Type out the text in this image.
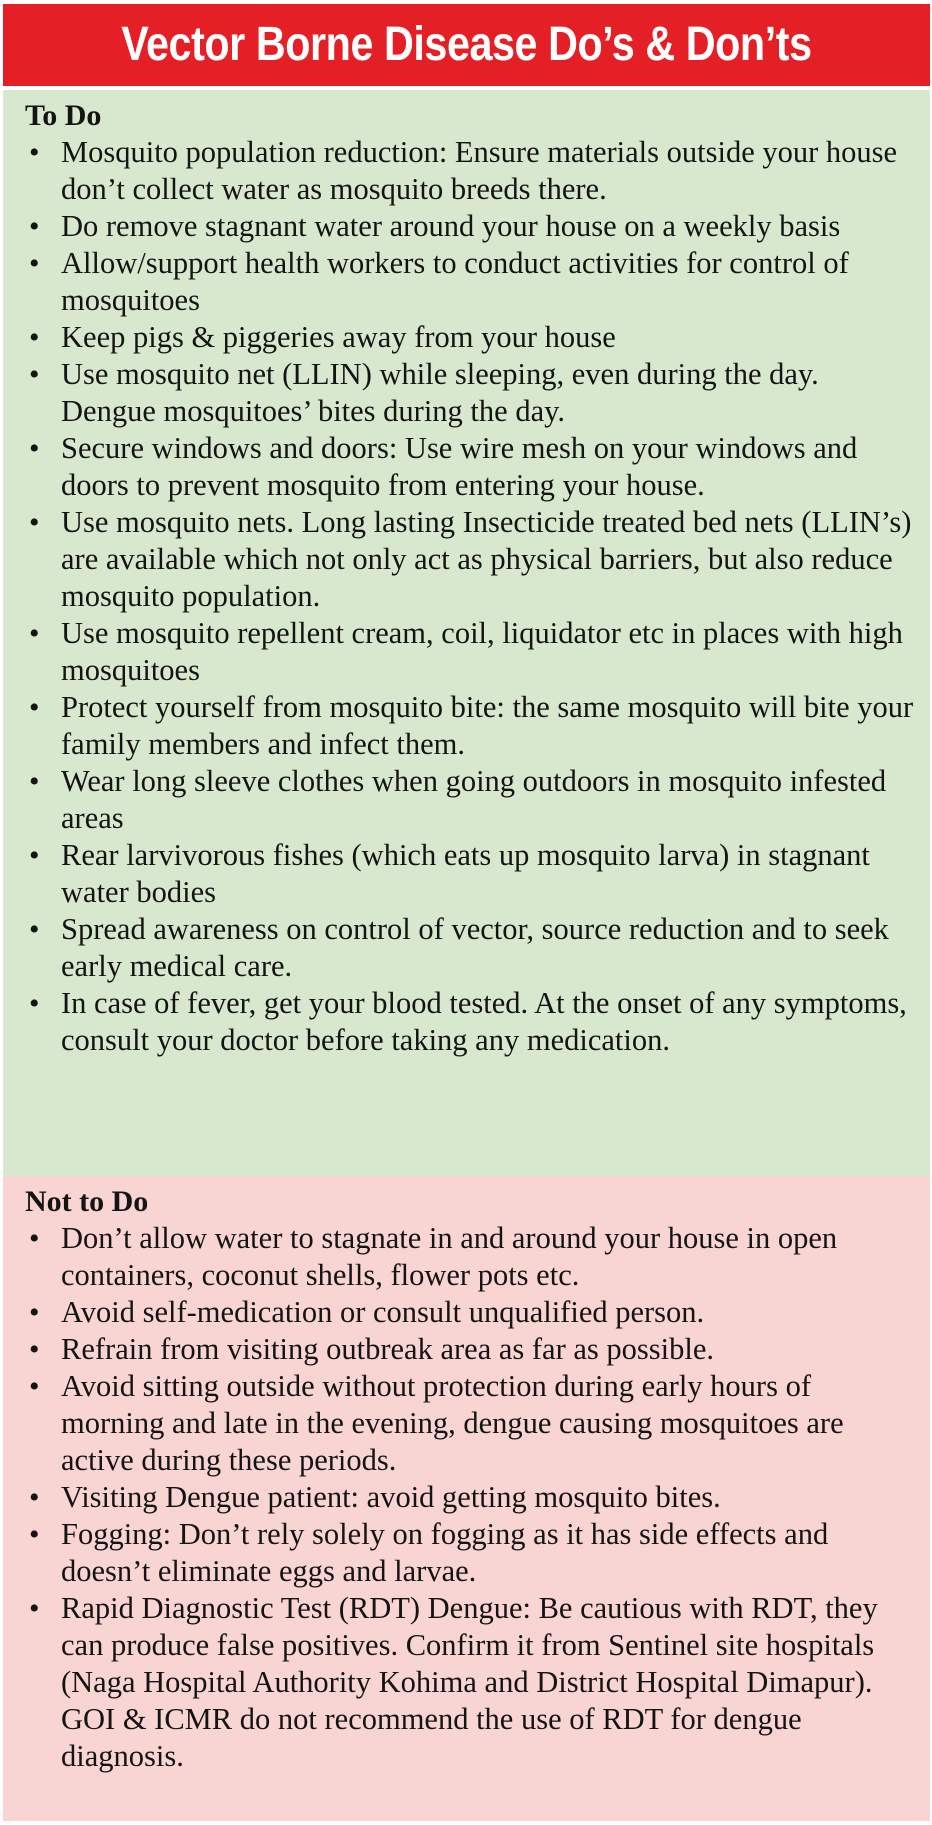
Vector Borne Disease Do’s & Don’ts
To Do
• Mosquito population reduction: Ensure materials outside your house don’t collect water as mosquito breeds there.
• Do remove stagnant water around your house on a weekly basis
• Allow/support health workers to conduct activities for control of mosquitoes
• Keep pigs & piggeries away from your house
• Use mosquito net (LLIN) while sleeping, even during the day. Dengue mosquitoes’ bites during the day.
• Secure windows and doors: Use wire mesh on your windows and doors to prevent mosquito from entering your house.
• Use mosquito nets. Long lasting Insecticide treated bed nets (LLIN’s) are available which not only act as physical barriers, but also reduce mosquito population.
• Use mosquito repellent cream, coil, liquidator etc in places with high mosquitoes
• Protect yourself from mosquito bite: the same mosquito will bite your family members and infect them.
• Wear long sleeve clothes when going outdoors in mosquito infested areas
• Rear larvivorous fishes (which eats up mosquito larva) in stagnant water bodies
• Spread awareness on control of vector, source reduction and to seek early medical care.
• In case of fever, get your blood tested. At the onset of any symptoms, consult your doctor before taking any medication.
Not to Do
• Don’t allow water to stagnate in and around your house in open containers, coconut shells, flower pots etc.
• Avoid self-medication or consult unqualified person.
• Refrain from visiting outbreak area as far as possible.
• Avoid sitting outside without protection during early hours of morning and late in the evening, dengue causing mosquitoes are active during these periods.
• Visiting Dengue patient: avoid getting mosquito bites.
• Fogging: Don’t rely solely on fogging as it has side effects and doesn’t eliminate eggs and larvae.
• Rapid Diagnostic Test (RDT) Dengue: Be cautious with RDT, they can produce false positives. Confirm it from Sentinel site hospitals (Naga Hospital Authority Kohima and District Hospital Dimapur). GOI & ICMR do not recommend the use of RDT for dengue diagnosis.
